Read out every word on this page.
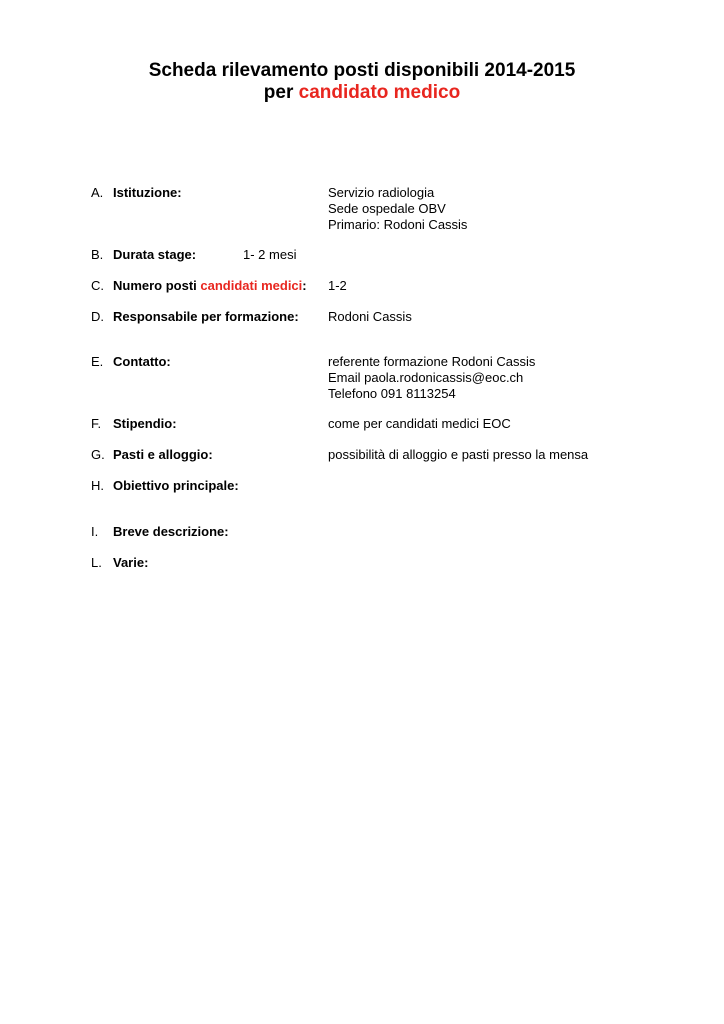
Scheda rilevamento posti disponibili 2014-2015
per candidato medico
A. Istituzione:	Servizio radiologia
Sede ospedale OBV
Primario: Rodoni Cassis
B. Durata stage:	1- 2 mesi
C. Numero posti candidati medici: 1-2
D. Responsabile per formazione: Rodoni Cassis
E. Contatto:	referente formazione Rodoni Cassis
Email paola.rodonicassis@eoc.ch
Telefono 091 8113254
F. Stipendio:	come per candidati medici EOC
G. Pasti e alloggio:	possibilità di alloggio e pasti presso la mensa
H. Obiettivo principale:
I. Breve descrizione:
L. Varie:
